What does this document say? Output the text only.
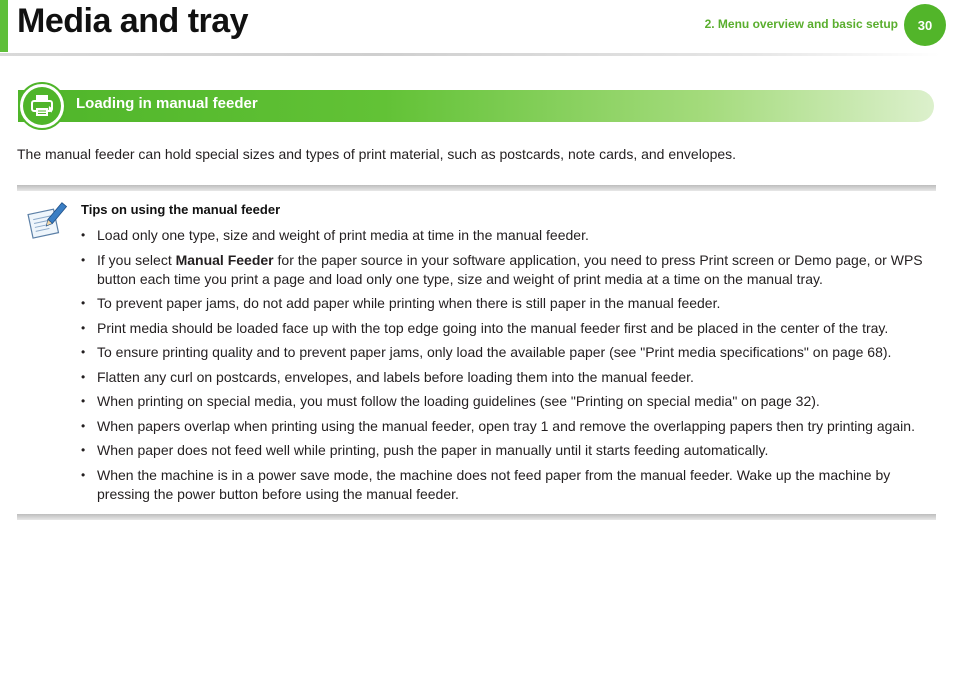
Media and tray	2. Menu overview and basic setup	30
Loading in manual feeder

The manual feeder can hold special sizes and types of print material, such as postcards, note cards, and envelopes.

Tips on using the manual feeder

• Load only one type, size and weight of print media at time in the manual feeder.
• If you select Manual Feeder for the paper source in your software application, you need to press Print screen or Demo page, or WPS button each time you print a page and load only one type, size and weight of print media at a time on the manual tray.
• To prevent paper jams, do not add paper while printing when there is still paper in the manual feeder.
• Print media should be loaded face up with the top edge going into the manual feeder first and be placed in the center of the tray.
• To ensure printing quality and to prevent paper jams, only load the available paper (see "Print media specifications" on page 68).
• Flatten any curl on postcards, envelopes, and labels before loading them into the manual feeder.
• When printing on special media, you must follow the loading guidelines (see "Printing on special media" on page 32).
• When papers overlap when printing using the manual feeder, open tray 1 and remove the overlapping papers then try printing again.
• When paper does not feed well while printing, push the paper in manually until it starts feeding automatically.
• When the machine is in a power save mode, the machine does not feed paper from the manual feeder. Wake up the machine by pressing the power button before using the manual feeder.
